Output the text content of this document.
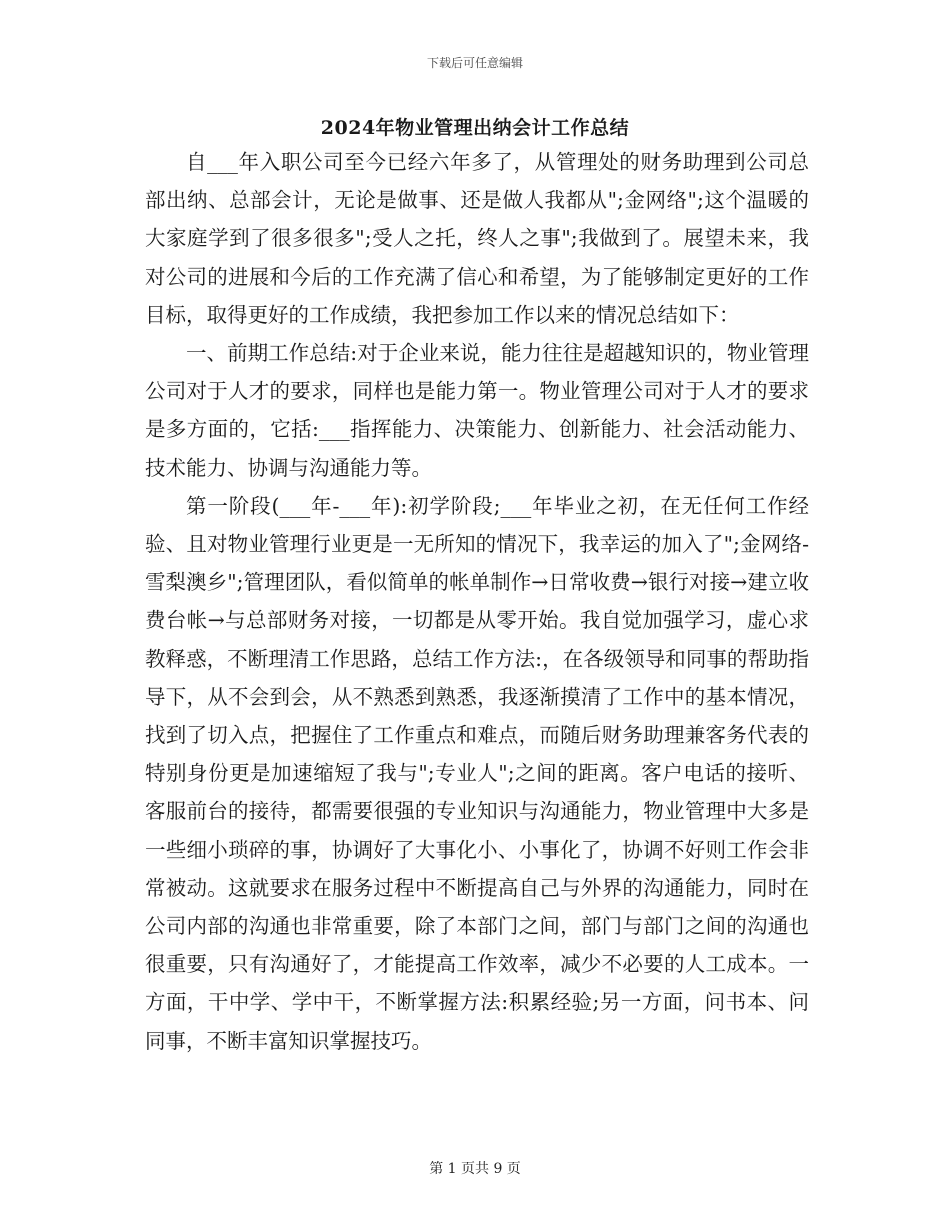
下载后可任意编辑
2024年物业管理出纳会计工作总结

自___年入职公司至今已经六年多了，从管理处的财务助理到公司总部出纳、总部会计，无论是做事、还是做人我都从";金网络";这个温暖的大家庭学到了很多很多";受人之托，终人之事";我做到了。展望未来，我对公司的进展和今后的工作充满了信心和希望，为了能够制定更好的工作目标，取得更好的工作成绩，我把参加工作以来的情况总结如下：

一、前期工作总结:对于企业来说，能力往往是超越知识的，物业管理公司对于人才的要求，同样也是能力第一。物业管理公司对于人才的要求是多方面的，它括:___指挥能力、决策能力、创新能力、社会活动能力、技术能力、协调与沟通能力等。

第一阶段(___年-___年):初学阶段;___年毕业之初，在无任何工作经验、且对物业管理行业更是一无所知的情况下，我幸运的加入了";金网络-雪梨澳乡";管理团队，看似简单的帐单制作→日常收费→银行对接→建立收费台帐→与总部财务对接，一切都是从零开始。我自觉加强学习，虚心求教释惑，不断理清工作思路，总结工作方法:，在各级领导和同事的帮助指导下，从不会到会，从不熟悉到熟悉，我逐渐摸清了工作中的基本情况，找到了切入点，把握住了工作重点和难点，而随后财务助理兼客务代表的特别身份更是加速缩短了我与";专业人";之间的距离。客户电话的接听、客服前台的接待，都需要很强的专业知识与沟通能力，物业管理中大多是一些细小琐碎的事，协调好了大事化小、小事化了，协调不好则工作会非常被动。这就要求在服务过程中不断提高自己与外界的沟通能力，同时在公司内部的沟通也非常重要，除了本部门之间，部门与部门之间的沟通也很重要，只有沟通好了，才能提高工作效率，减少不必要的人工成本。一方面，干中学、学中干，不断掌握方法:积累经验;另一方面，问书本、问同事，不断丰富知识掌握技巧。

第 1 页共 9 页
